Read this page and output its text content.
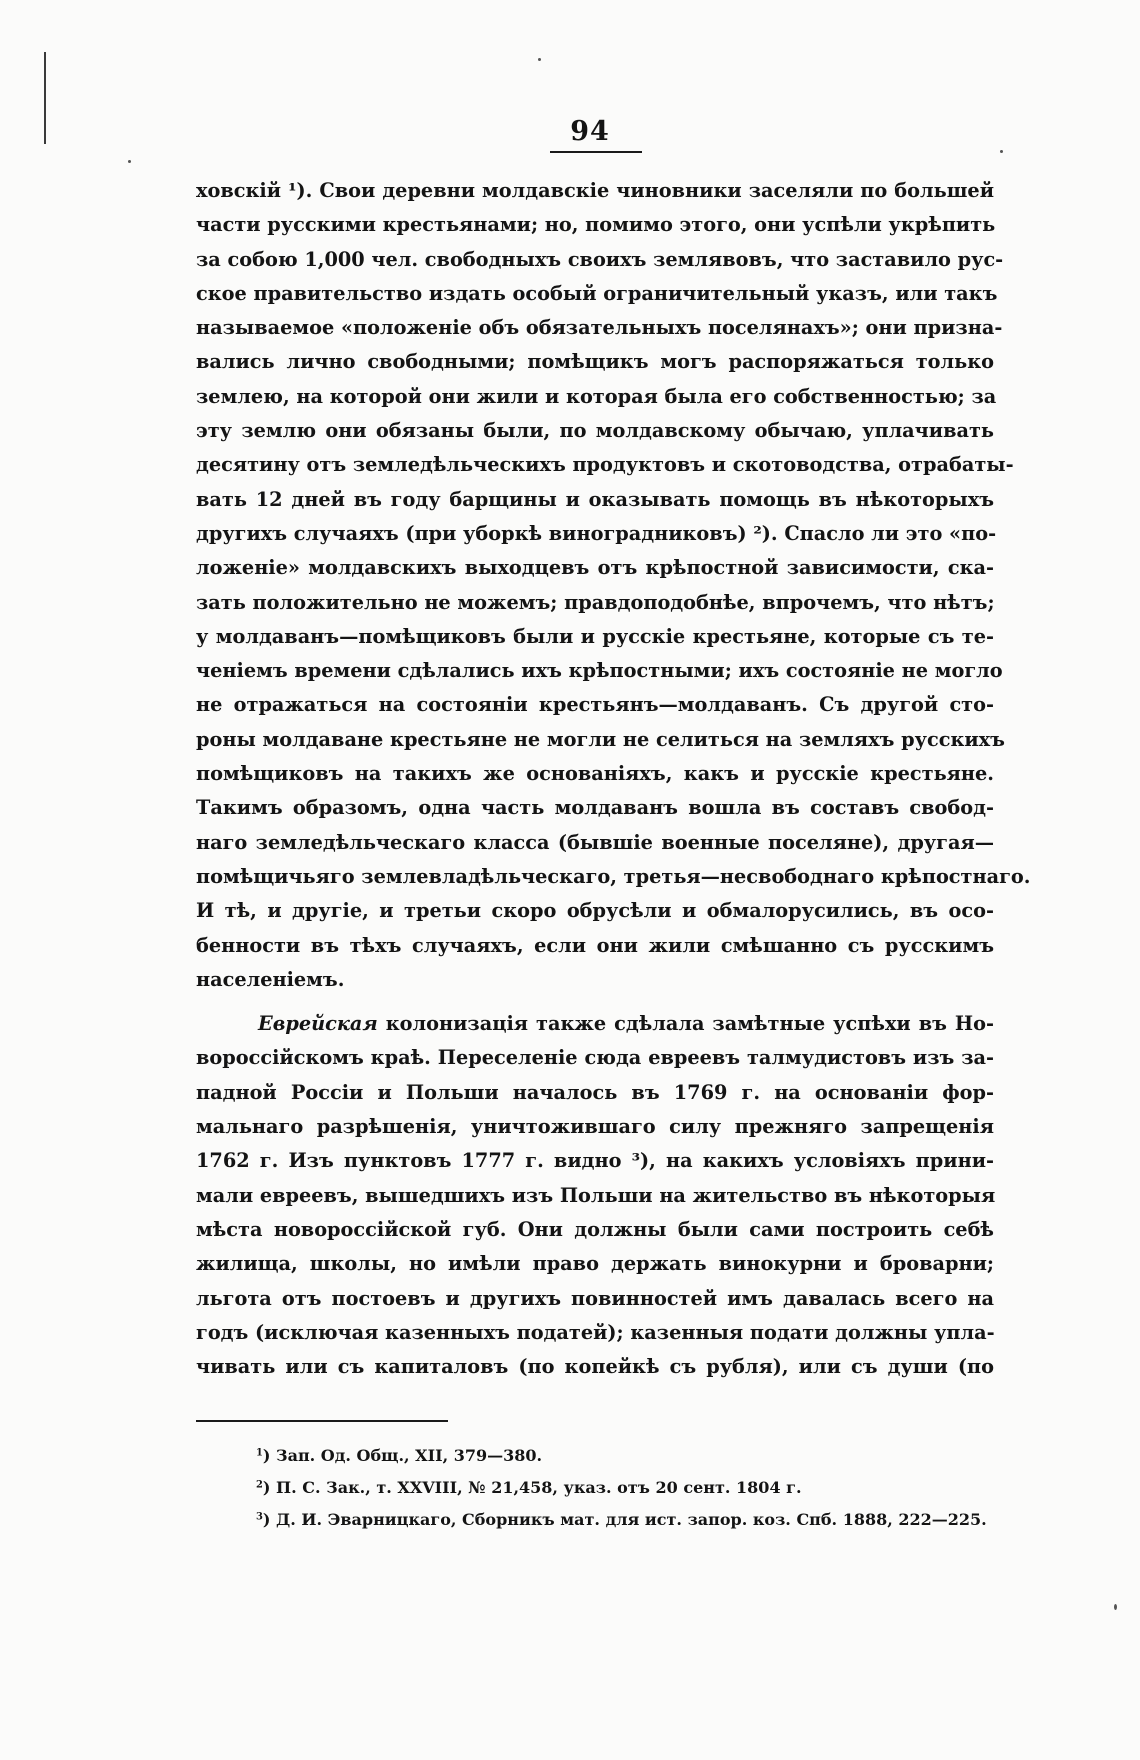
94
ховскій ¹). Свои деревни молдавскіе чиновники заселяли по большей
части русскими крестьянами; но, помимо этого, они успѣли укрѣпить
за собою 1,000 чел. свободныхъ своихъ землявовъ, что заставило рус-
ское правительство издать особый ограничительный указъ, или такъ
называемое «положеніе объ обязательныхъ поселянахъ»; они призна-
вались лично свободными; помѣщикъ могъ распоряжаться только
землею, на которой они жили и которая была его собственностью; за
эту землю они обязаны были, по молдавскому обычаю, уплачивать
десятину отъ земледѣльческихъ продуктовъ и скотоводства, отрабаты-
вать 12 дней въ году барщины и оказывать помощь въ нѣкоторыхъ
другихъ случаяхъ (при уборкѣ виноградниковъ) ²). Спасло ли это «по-
ложеніе» молдавскихъ выходцевъ отъ крѣпостной зависимости, ска-
зать положительно не можемъ; правдоподобнѣе, впрочемъ, что нѣтъ;
у молдаванъ—помѣщиковъ были и русскіе крестьяне, которые съ те-
ченіемъ времени сдѣлались ихъ крѣпостными; ихъ состояніе не могло
не отражаться на состояніи крестьянъ—молдаванъ. Съ другой сто-
роны молдаване крестьяне не могли не селиться на земляхъ русскихъ
помѣщиковъ на такихъ же основаніяхъ, какъ и русскіе крестьяне.
Такимъ образомъ, одна часть молдаванъ вошла въ составъ свобод-
наго земледѣльческаго класса (бывшіе военные поселяне), другая—
помѣщичьяго землевладѣльческаго, третья—несвободнаго крѣпостнаго.
И тѣ, и другіе, и третьи скоро обрусѣли и обмалорусились, въ осо-
бенности въ тѣхъ случаяхъ, если они жили смѣшанно съ русскимъ
населеніемъ.
Еврейская колонизація также сдѣлала замѣтные успѣхи въ Но-
вороссійскомъ краѣ. Переселеніе сюда евреевъ талмудистовъ изъ за-
падной Россіи и Польши началось въ 1769 г. на основаніи фор-
мальнаго разрѣшенія, уничтожившаго силу прежняго запрещенія
1762 г. Изъ пунктовъ 1777 г. видно ³), на какихъ условіяхъ прини-
мали евреевъ, вышедшихъ изъ Польши на жительство въ нѣкоторыя
мѣста новороссійской губ. Они должны были сами построить себѣ
жилища, школы, но имѣли право держать винокурни и броварни;
льгота отъ постоевъ и другихъ повинностей имъ давалась всего на
годъ (исключая казенныхъ податей); казенныя подати должны упла-
чивать или съ капиталовъ (по копейкѣ съ рубля), или съ души (по
$^1$) Зап. Од. Общ., XII, 379—380.
$^2$) П. С. Зак., т. XXVIII, № 21,458, указ. отъ 20 сент. 1804 г.
$^3$) Д. И. Эварницкаго, Сборникъ мат. для ист. запор. коз. Спб. 1888, 222—225.
